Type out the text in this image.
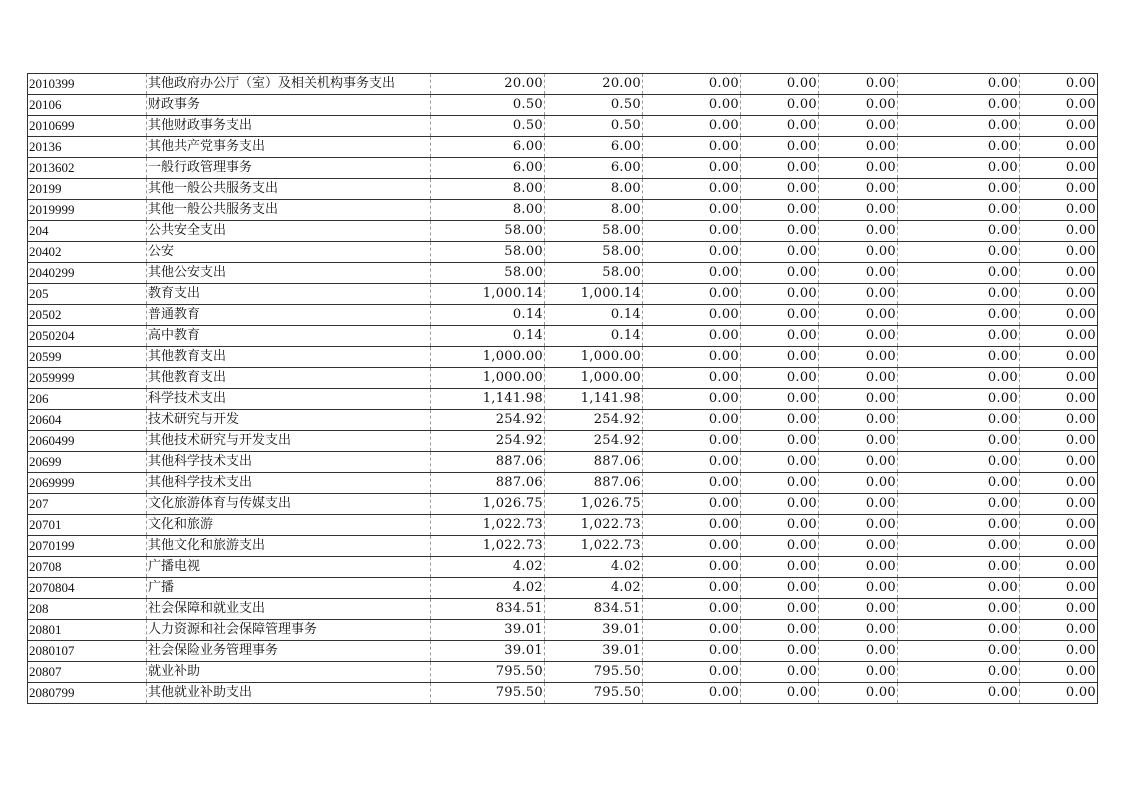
2010399	其他政府办公厅（室）及相关机构事务支出	20.00	20.00	0.00	0.00	0.00	0.00	0.00
20106	财政事务	0.50	0.50	0.00	0.00	0.00	0.00	0.00
2010699	其他财政事务支出	0.50	0.50	0.00	0.00	0.00	0.00	0.00
20136	其他共产党事务支出	6.00	6.00	0.00	0.00	0.00	0.00	0.00
2013602	一般行政管理事务	6.00	6.00	0.00	0.00	0.00	0.00	0.00
20199	其他一般公共服务支出	8.00	8.00	0.00	0.00	0.00	0.00	0.00
2019999	其他一般公共服务支出	8.00	8.00	0.00	0.00	0.00	0.00	0.00
204	公共安全支出	58.00	58.00	0.00	0.00	0.00	0.00	0.00
20402	公安	58.00	58.00	0.00	0.00	0.00	0.00	0.00
2040299	其他公安支出	58.00	58.00	0.00	0.00	0.00	0.00	0.00
205	教育支出	1,000.14	1,000.14	0.00	0.00	0.00	0.00	0.00
20502	普通教育	0.14	0.14	0.00	0.00	0.00	0.00	0.00
2050204	高中教育	0.14	0.14	0.00	0.00	0.00	0.00	0.00
20599	其他教育支出	1,000.00	1,000.00	0.00	0.00	0.00	0.00	0.00
2059999	其他教育支出	1,000.00	1,000.00	0.00	0.00	0.00	0.00	0.00
206	科学技术支出	1,141.98	1,141.98	0.00	0.00	0.00	0.00	0.00
20604	技术研究与开发	254.92	254.92	0.00	0.00	0.00	0.00	0.00
2060499	其他技术研究与开发支出	254.92	254.92	0.00	0.00	0.00	0.00	0.00
20699	其他科学技术支出	887.06	887.06	0.00	0.00	0.00	0.00	0.00
2069999	其他科学技术支出	887.06	887.06	0.00	0.00	0.00	0.00	0.00
207	文化旅游体育与传媒支出	1,026.75	1,026.75	0.00	0.00	0.00	0.00	0.00
20701	文化和旅游	1,022.73	1,022.73	0.00	0.00	0.00	0.00	0.00
2070199	其他文化和旅游支出	1,022.73	1,022.73	0.00	0.00	0.00	0.00	0.00
20708	广播电视	4.02	4.02	0.00	0.00	0.00	0.00	0.00
2070804	广播	4.02	4.02	0.00	0.00	0.00	0.00	0.00
208	社会保障和就业支出	834.51	834.51	0.00	0.00	0.00	0.00	0.00
20801	人力资源和社会保障管理事务	39.01	39.01	0.00	0.00	0.00	0.00	0.00
2080107	社会保险业务管理事务	39.01	39.01	0.00	0.00	0.00	0.00	0.00
20807	就业补助	795.50	795.50	0.00	0.00	0.00	0.00	0.00
2080799	其他就业补助支出	795.50	795.50	0.00	0.00	0.00	0.00	0.00
